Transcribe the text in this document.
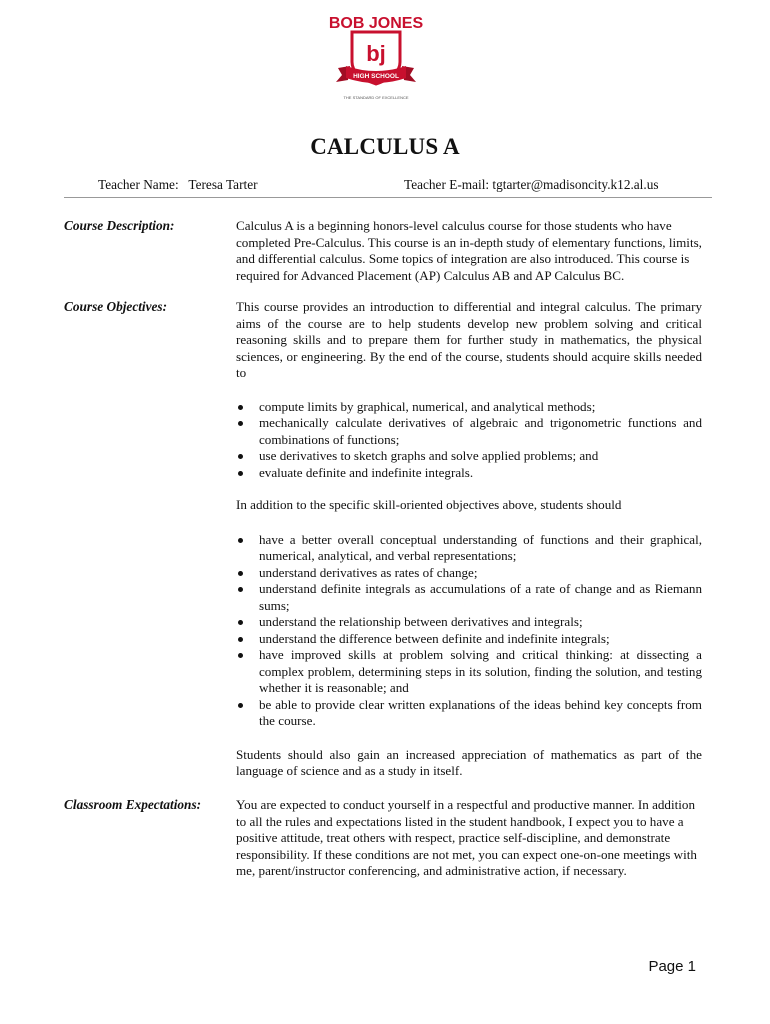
BOB JONES
bj
HIGH SCHOOL
THE STANDARD OF EXCELLENCE
CALCULUS A
Teacher Name: Teresa Tarter	Teacher E-mail: tgtarter@madisoncity.k12.al.us
Course Description:	Calculus A is a beginning honors-level calculus course for those students who have completed Pre-Calculus. This course is an in-depth study of elementary functions, limits, and differential calculus. Some topics of integration are also introduced. This course is required for Advanced Placement (AP) Calculus AB and AP Calculus BC.

Course Objectives:	This course provides an introduction to differential and integral calculus. The primary aims of the course are to help students develop new problem solving and critical reasoning skills and to prepare them for further study in mathematics, the physical sciences, or engineering. By the end of the course, students should acquire skills needed to

compute limits by graphical, numerical, and analytical methods;
mechanically calculate derivatives of algebraic and trigonometric functions and combinations of functions;
use derivatives to sketch graphs and solve applied problems; and
evaluate definite and indefinite integrals.

In addition to the specific skill-oriented objectives above, students should

have a better overall conceptual understanding of functions and their graphical, numerical, analytical, and verbal representations;
understand derivatives as rates of change;
understand definite integrals as accumulations of a rate of change and as Riemann sums;
understand the relationship between derivatives and integrals;
understand the difference between definite and indefinite integrals;
have improved skills at problem solving and critical thinking: at dissecting a complex problem, determining steps in its solution, finding the solution, and testing whether it is reasonable; and
be able to provide clear written explanations of the ideas behind key concepts from the course.

Students should also gain an increased appreciation of mathematics as part of the language of science and as a study in itself.

Classroom Expectations:	You are expected to conduct yourself in a respectful and productive manner. In addition to all the rules and expectations listed in the student handbook, I expect you to have a positive attitude, treat others with respect, practice self-discipline, and demonstrate responsibility. If these conditions are not met, you can expect one-on-one meetings with me, parent/instructor conferencing, and administrative action, if necessary.

Page 1
